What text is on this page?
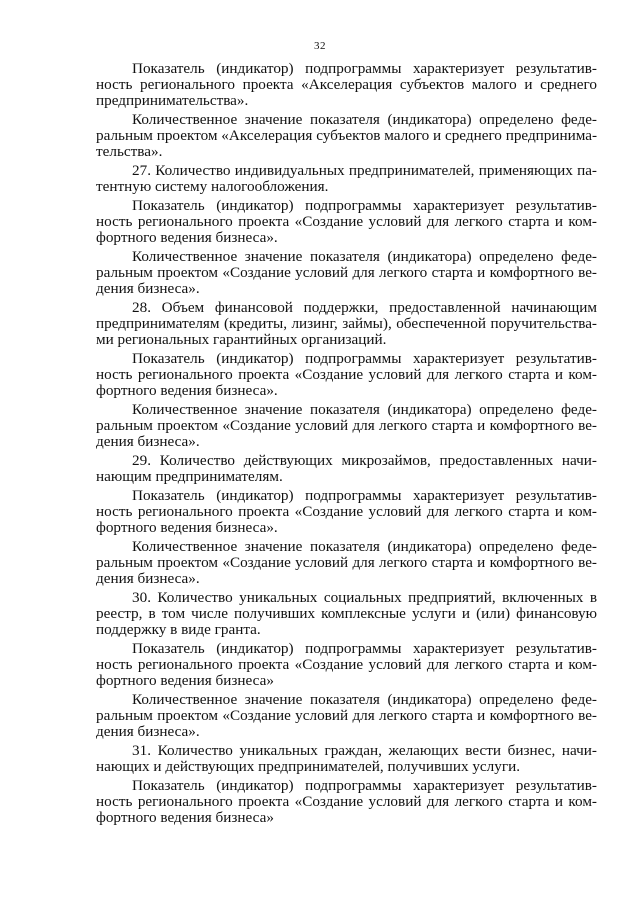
32

Показатель (индикатор) подпрограммы характеризует результатив-
ность регионального проекта «Акселерация субъектов малого и среднего
предпринимательства».

Количественное значение показателя (индикатора) определено феде-
ральным проектом «Акселерация субъектов малого и среднего предпринима-
тельства».

27. Количество индивидуальных предпринимателей, применяющих па-
тентную систему налогообложения.

Показатель (индикатор) подпрограммы характеризует результатив-
ность регионального проекта «Создание условий для легкого старта и ком-
фортного ведения бизнеса».

Количественное значение показателя (индикатора) определено феде-
ральным проектом «Создание условий для легкого старта и комфортного ве-
дения бизнеса».

28. Объем финансовой поддержки, предоставленной начинающим
предпринимателям (кредиты, лизинг, займы), обеспеченной поручительства-
ми региональных гарантийных организаций.

Показатель (индикатор) подпрограммы характеризует результатив-
ность регионального проекта «Создание условий для легкого старта и ком-
фортного ведения бизнеса».

Количественное значение показателя (индикатора) определено феде-
ральным проектом «Создание условий для легкого старта и комфортного ве-
дения бизнеса».

29. Количество действующих микрозаймов, предоставленных начи-
нающим предпринимателям.

Показатель (индикатор) подпрограммы характеризует результатив-
ность регионального проекта «Создание условий для легкого старта и ком-
фортного ведения бизнеса».

Количественное значение показателя (индикатора) определено феде-
ральным проектом «Создание условий для легкого старта и комфортного ве-
дения бизнеса».

30. Количество уникальных социальных предприятий, включенных в
реестр, в том числе получивших комплексные услуги и (или) финансовую
поддержку в виде гранта.

Показатель (индикатор) подпрограммы характеризует результатив-
ность регионального проекта «Создание условий для легкого старта и ком-
фортного ведения бизнеса»

Количественное значение показателя (индикатора) определено феде-
ральным проектом «Создание условий для легкого старта и комфортного ве-
дения бизнеса».

31. Количество уникальных граждан, желающих вести бизнес, начи-
нающих и действующих предпринимателей, получивших услуги.

Показатель (индикатор) подпрограммы характеризует результатив-
ность регионального проекта «Создание условий для легкого старта и ком-
фортного ведения бизнеса»
